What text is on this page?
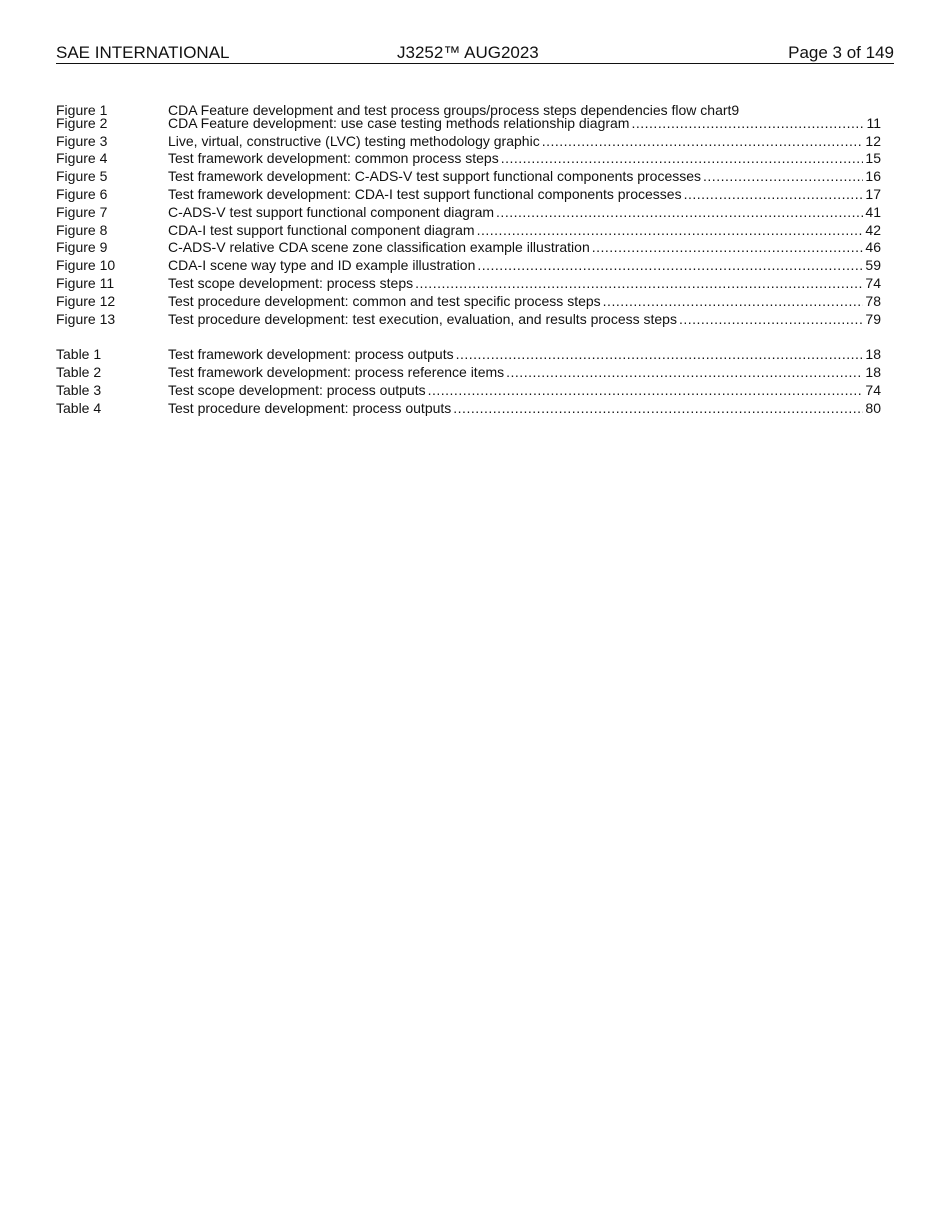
SAE INTERNATIONAL	J3252™ AUG2023	Page 3 of 149
Figure 1	CDA Feature development and test process groups/process steps dependencies flow chart9
Figure 2	CDA Feature development: use case testing methods relationship diagram .....	11
Figure 3	Live, virtual, constructive (LVC) testing methodology graphic .....	12
Figure 4	Test framework development: common process steps .....	15
Figure 5	Test framework development: C-ADS-V test support functional components processes .....	16
Figure 6	Test framework development: CDA-I test support functional components processes .....	17
Figure 7	C-ADS-V test support functional component diagram .....	41
Figure 8	CDA-I test support functional component diagram .....	42
Figure 9	C-ADS-V relative CDA scene zone classification example illustration .....	46
Figure 10	CDA-I scene way type and ID example illustration .....	59
Figure 11	Test scope development: process steps .....	74
Figure 12	Test procedure development: common and test specific process steps .....	78
Figure 13	Test procedure development: test execution, evaluation, and results process steps .....	79
Table 1	Test framework development: process outputs .....	18
Table 2	Test framework development: process reference items .....	18
Table 3	Test scope development: process outputs .....	74
Table 4	Test procedure development: process outputs .....	80
